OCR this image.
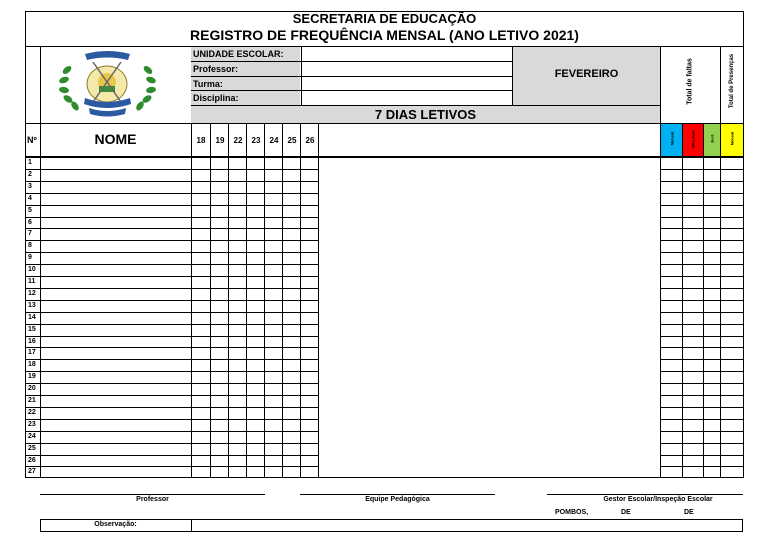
SECRETARIA DE EDUCAÇÃO
REGISTRO DE FREQUÊNCIA MENSAL (ANO LETIVO 2021)
UNIDADE ESCOLAR:
Professor:
Turma:
Disciplina:
FEVEREIRO
7 DIAS LETIVOS
Total de faltas	Total de Presenças
Nº	NOME	18	19	22	23	24	25	26	Mensal	Mov.Just.	Just.	Mensal
1
2
3
4
5
6
7
8
9
10
11
12
13
14
15
16
17
18
19
20
21
22
23
24
25
26
27
Professor	Equipe Pedagógica	Gestor Escolar/Inspeção Escolar
POMBOS,	DE	DE
Observação:
